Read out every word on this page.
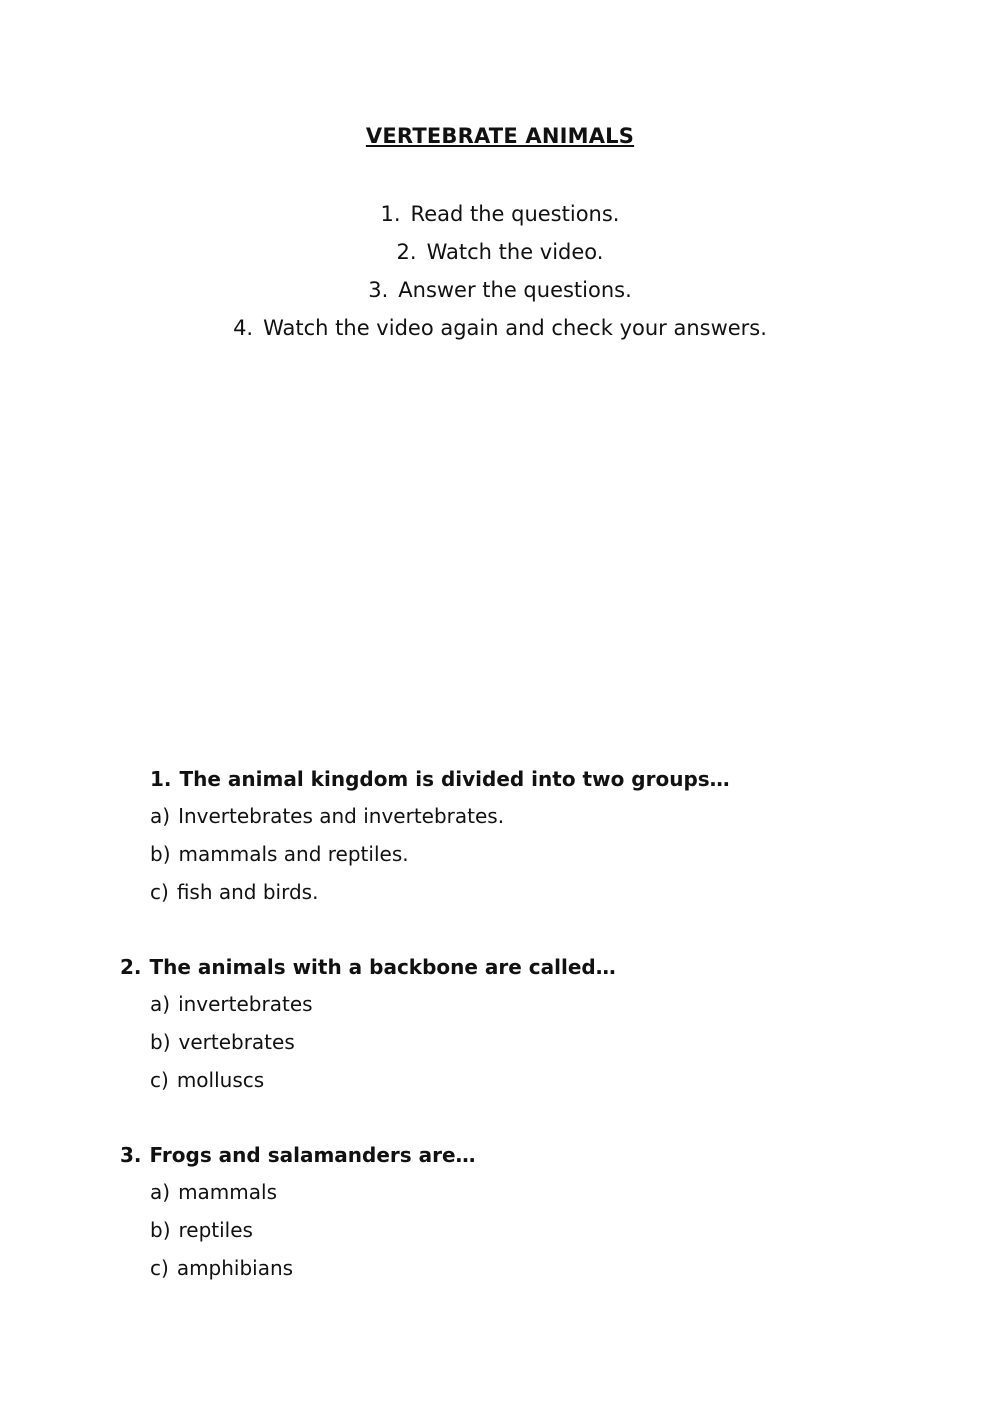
VERTEBRATE ANIMALS
1. Read the questions.
2. Watch the video.
3. Answer the questions.
4. Watch the video again and check your answers.
1. The animal kingdom is divided into two groups…
a) Invertebrates and invertebrates.
b) mammals and reptiles.
c) fish and birds.
2. The animals with a backbone are called…
a) invertebrates
b) vertebrates
c) molluscs
3. Frogs and salamanders are…
a) mammals
b) reptiles
c) amphibians
